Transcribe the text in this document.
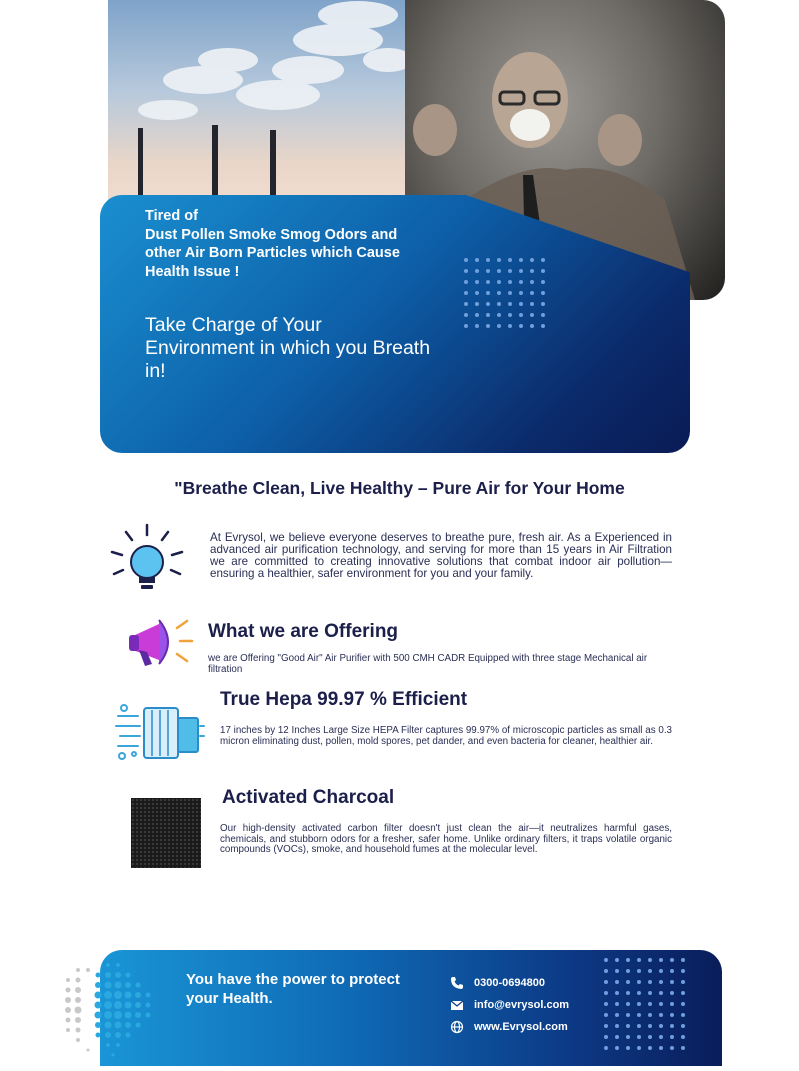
Tired of
Dust Pollen Smoke Smog Odors and other Air Born Particles which Cause Health Issue !
Take Charge of Your Environment in which you Breath in!
"Breathe Clean, Live Healthy – Pure Air for Your Home
At Evrysol, we believe everyone deserves to breathe pure, fresh air. As a Experienced in advanced air purification technology, and serving for more than 15 years in Air Filtration we are committed to creating innovative solutions that combat indoor air pollution—ensuring a healthier, safer environment for you and your family.
What we are Offering
we are Offering "Good Air" Air Purifier with 500 CMH CADR Equipped with three stage Mechanical air filtration
True Hepa 99.97 % Efficient
17 inches by 12 Inches Large Size HEPA Filter captures 99.97% of microscopic particles as small as 0.3 micron eliminating dust, pollen, mold spores, pet dander, and even bacteria for cleaner, healthier air.
Activated Charcoal
Our high-density activated carbon filter doesn't just clean the air—it neutralizes harmful gases, chemicals, and stubborn odors for a fresher, safer home. Unlike ordinary filters, it traps volatile organic compounds (VOCs), smoke, and household fumes at the molecular level.
You have the power to protect your Health.
0300-0694800
info@evrysol.com
www.Evrysol.com
